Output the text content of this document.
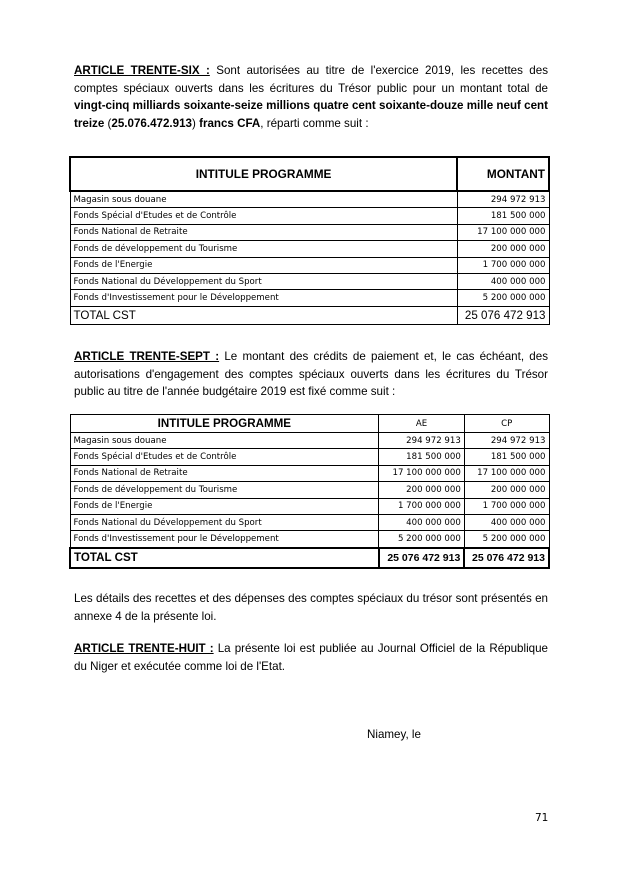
ARTICLE TRENTE-SIX : Sont autorisées au titre de l'exercice 2019, les recettes des comptes spéciaux ouverts dans les écritures du Trésor public pour un montant total de vingt-cinq milliards soixante-seize millions quatre cent soixante-douze mille neuf cent treize (25.076.472.913) francs CFA, réparti comme suit :

INTITULE PROGRAMME	MONTANT
Magasin sous douane	294 972 913
Fonds Spécial d'Etudes et de Contrôle	181 500 000
Fonds National de Retraite	17 100 000 000
Fonds de développement du Tourisme	200 000 000
Fonds de l'Energie	1 700 000 000
Fonds National du Développement du Sport	400 000 000
Fonds d'Investissement pour le Développement	5 200 000 000
TOTAL CST	25 076 472 913

ARTICLE TRENTE-SEPT : Le montant des crédits de paiement et, le cas échéant, des autorisations d'engagement des comptes spéciaux ouverts dans les écritures du Trésor public au titre de l'année budgétaire 2019 est fixé comme suit :

INTITULE PROGRAMME	AE	CP
Magasin sous douane	294 972 913	294 972 913
Fonds Spécial d'Etudes et de Contrôle	181 500 000	181 500 000
Fonds National de Retraite	17 100 000 000	17 100 000 000
Fonds de développement du Tourisme	200 000 000	200 000 000
Fonds de l'Energie	1 700 000 000	1 700 000 000
Fonds National du Développement du Sport	400 000 000	400 000 000
Fonds d'Investissement pour le Développement	5 200 000 000	5 200 000 000
TOTAL CST	25 076 472 913	25 076 472 913

Les détails des recettes et des dépenses des comptes spéciaux du trésor sont présentés en annexe 4 de la présente loi.

ARTICLE TRENTE-HUIT : La présente loi est publiée au Journal Officiel de la République du Niger et exécutée comme loi de l'Etat.

Niamey, le
71
